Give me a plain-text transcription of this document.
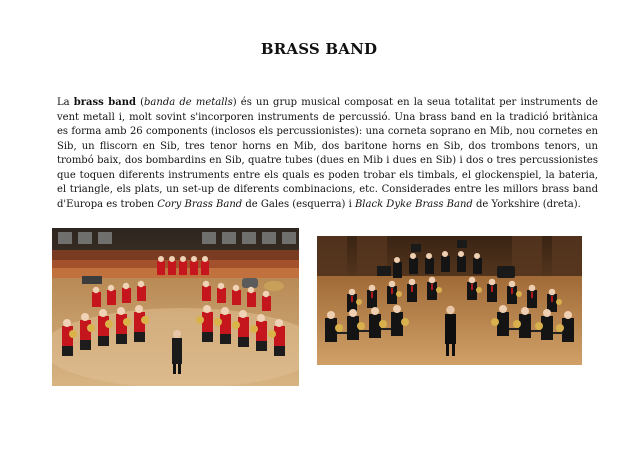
BRASS BAND
La brass band (banda de metalls) és un grup musical composat en la seua totalitat per instruments de vent metall i, molt sovint s'incorporen instruments de percussió. Una brass band en la tradició britànica es forma amb 26 components (inclosos els percussionistes): una corneta soprano en Mib, nou cornetes en Sib, un fliscorn en Sib, tres tenor horns en Mib, dos baritone horns en Sib, dos trombons tenors, un trombó baix, dos bombardins en Sib, quatre tubes (dues en Mib i dues en Sib) i dos o tres percussionistes que toquen diferents instruments entre els quals es poden trobar els timbals, el glockenspiel, la bateria, el triangle, els plats, un set-up de diferents combinacions, etc. Considerades entre les millors brass band d'Europa es troben Cory Brass Band de Gales (esquerra) i Black Dyke Brass Band de Yorkshire (dreta).
